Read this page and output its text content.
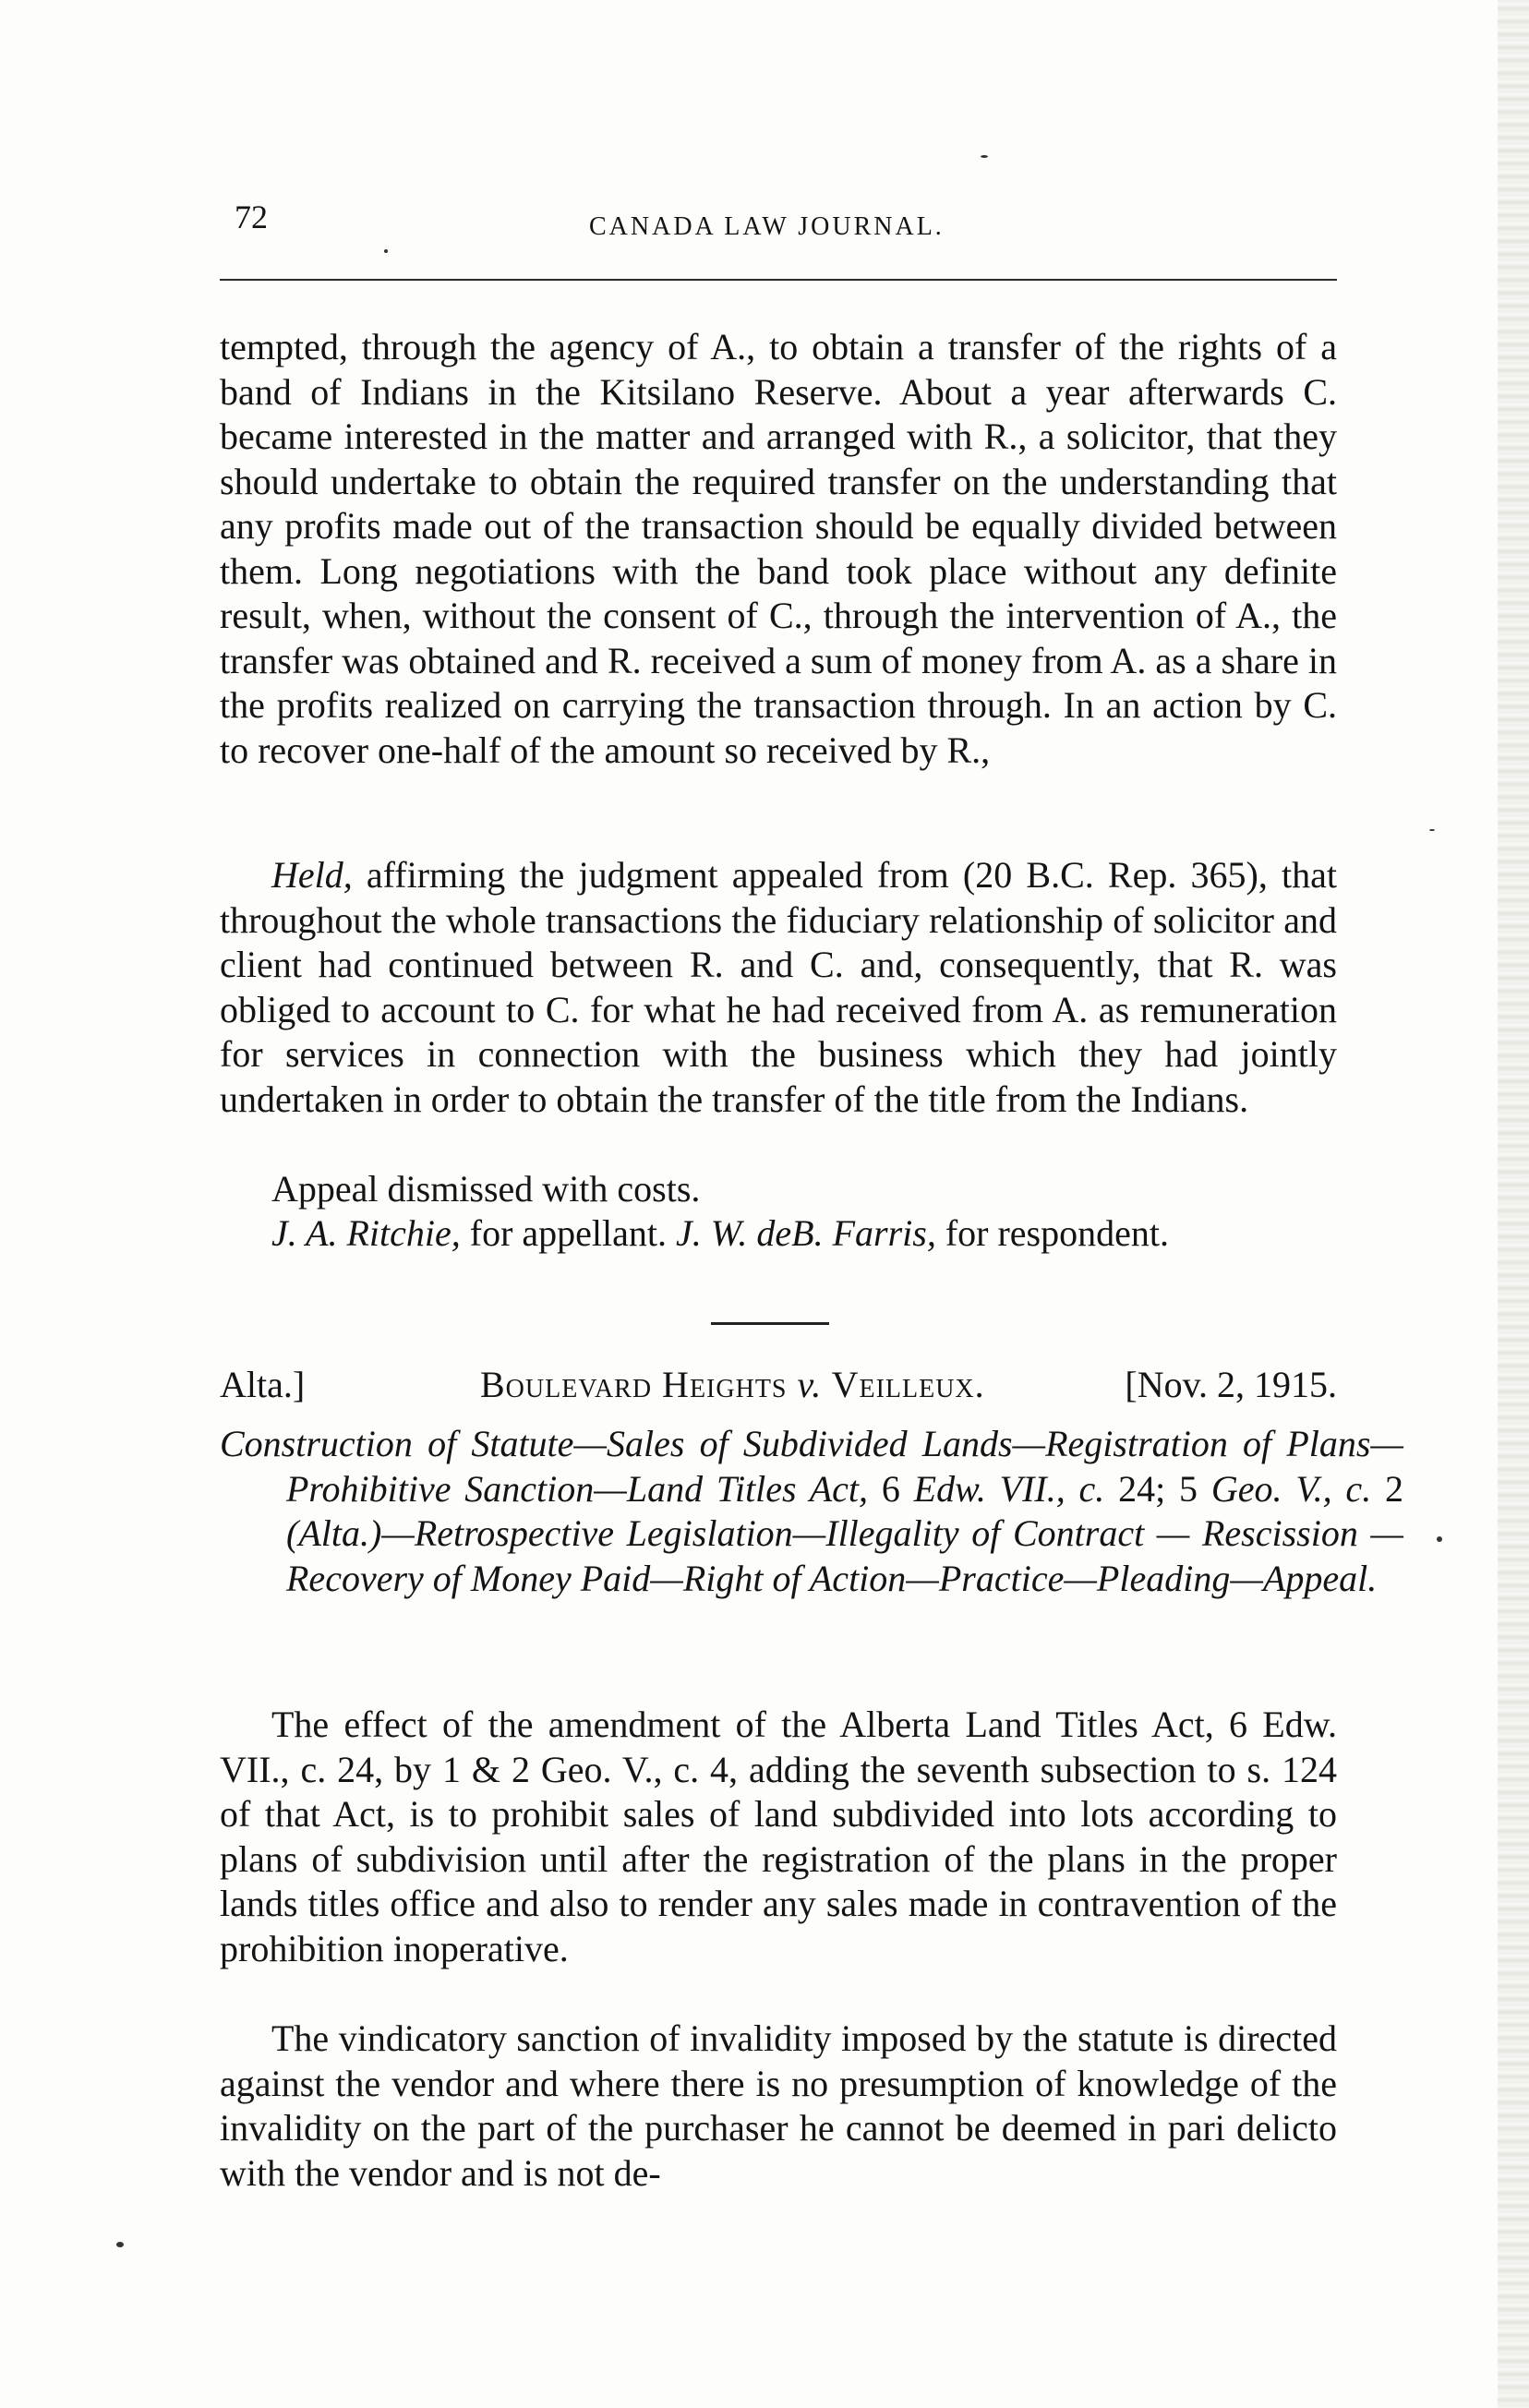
72	CANADA LAW JOURNAL.
tempted, through the agency of A., to obtain a transfer of the rights of a band of Indians in the Kitsilano Reserve. About a year afterwards C. became interested in the matter and arranged with R., a solicitor, that they should undertake to obtain the required transfer on the understanding that any profits made out of the transaction should be equally divided between them. Long negotiations with the band took place without any definite result, when, without the consent of C., through the intervention of A., the transfer was obtained and R. received a sum of money from A. as a share in the profits realized on carrying the transaction through. In an action by C. to recover one-half of the amount so received by R.,
Held, affirming the judgment appealed from (20 B.C. Rep. 365), that throughout the whole transactions the fiduciary relationship of solicitor and client had continued between R. and C. and, consequently, that R. was obliged to account to C. for what he had received from A. as remuneration for services in connection with the business which they had jointly undertaken in order to obtain the transfer of the title from the Indians.
Appeal dismissed with costs.
J. A. Ritchie, for appellant. J. W. deB. Farris, for respondent.
Alta.]	Boulevard Heights v. Veilleux.	[Nov. 2, 1915.
Construction of Statute—Sales of Subdivided Lands—Registration of Plans—Prohibitive Sanction—Land Titles Act, 6 Edw. VII., c. 24; 5 Geo. V., c. 2 (Alta.)—Retrospective Legislation—Illegality of Contract — Rescission — Recovery of Money Paid—Right of Action—Practice—Pleading—Appeal.
The effect of the amendment of the Alberta Land Titles Act, 6 Edw. VII., c. 24, by 1 & 2 Geo. V., c. 4, adding the seventh subsection to s. 124 of that Act, is to prohibit sales of land subdivided into lots according to plans of subdivision until after the registration of the plans in the proper lands titles office and also to render any sales made in contravention of the prohibition inoperative.
The vindicatory sanction of invalidity imposed by the statute is directed against the vendor and where there is no presumption of knowledge of the invalidity on the part of the purchaser he cannot be deemed in pari delicto with the vendor and is not de-
